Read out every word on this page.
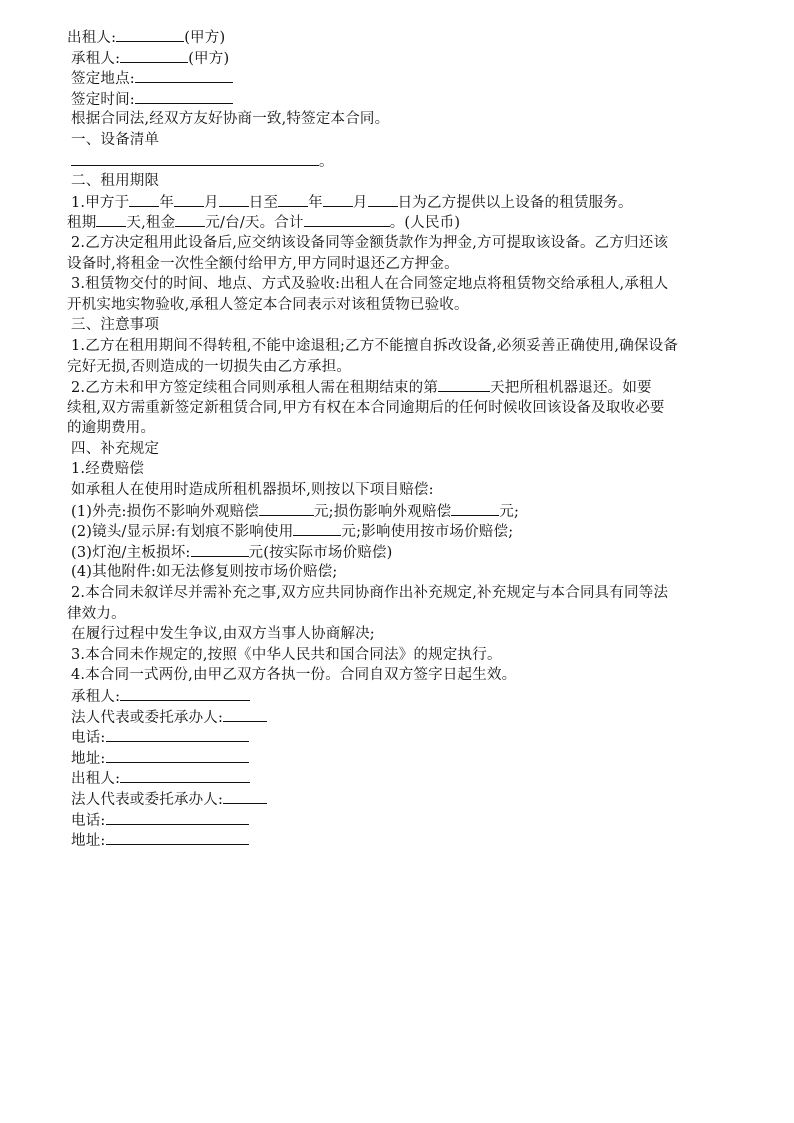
出租人:	(甲方)
承租人:	(甲方)
签定地点:
签定时间:
根据合同法,经双方友好协商一致,特签定本合同。
一、设备清单
。
二、租用期限
1.甲方于 年 月 日至 年 月 日为乙方提供以上设备的租赁服务。
租期 天,租金 元/台/天。合计	。(人民币)
2.乙方决定租用此设备后,应交纳该设备同等金额货款作为押金,方可提取该设备。乙方归还该
设备时,将租金一次性全额付给甲方,甲方同时退还乙方押金。
3.租赁物交付的时间、地点、方式及验收:出租人在合同签定地点将租赁物交给承租人,承租人
开机实地实物验收,承租人签定本合同表示对该租赁物已验收。
三、注意事项
1.乙方在租用期间不得转租,不能中途退租;乙方不能擅自拆改设备,必须妥善正确使用,确保设备
完好无损,否则造成的一切损失由乙方承担。
2.乙方未和甲方签定续租合同则承租人需在租期结束的第	天把所租机器退还。如要
续租,双方需重新签定新租赁合同,甲方有权在本合同逾期后的任何时候收回该设备及取收必要
的逾期费用。
四、补充规定
1.经费赔偿
如承租人在使用时造成所租机器损坏,则按以下项目赔偿:
(1)外壳:损伤不影响外观赔偿	元;损伤影响外观赔偿	元;
(2)镜头/显示屏:有划痕不影响使用	元;影响使用按市场价赔偿;
(3)灯泡/主板损坏:	元(按实际市场价赔偿)
(4)其他附件:如无法修复则按市场价赔偿;
2.本合同未叙详尽并需补充之事,双方应共同协商作出补充规定,补充规定与本合同具有同等法
律效力。
在履行过程中发生争议,由双方当事人协商解决;
3.本合同未作规定的,按照《中华人民共和国合同法》的规定执行。
4.本合同一式两份,由甲乙双方各执一份。合同自双方签字日起生效。
承租人:
法人代表或委托承办人:
电话:
地址:
出租人:
法人代表或委托承办人:
电话:
地址:
